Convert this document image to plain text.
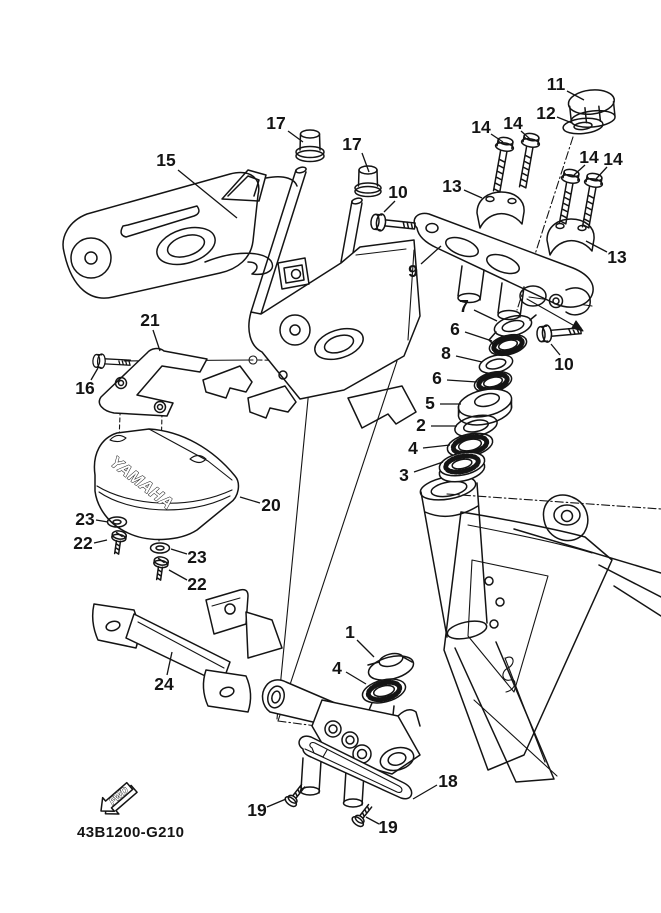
YAMAHA
FWD
43B1200-G210
15
17
17
10
14 14
11
12
14 14
13
13
9
7
6
8
6
5
2
4
3
10
16
21
20
23
22
23
22
24
1
4
18
19
19
